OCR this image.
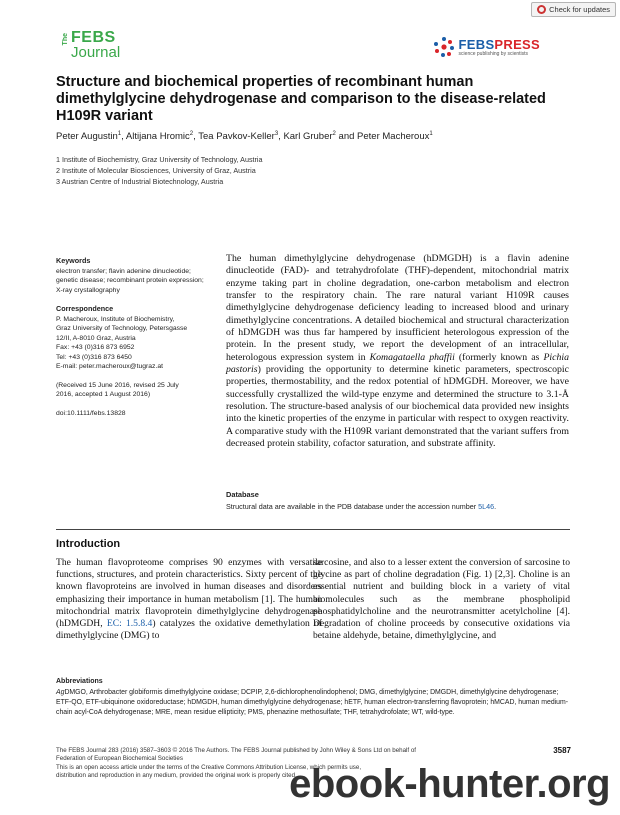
Check for updates
The FEBS
Journal	FEBSPRESS
science publishing by scientists
Structure and biochemical properties of recombinant human dimethylglycine dehydrogenase and comparison to the disease-related H109R variant
Peter Augustin$^1$, Altijana Hromic$^2$, Tea Pavkov-Keller$^3$, Karl Gruber$^2$ and Peter Macheroux$^1$
1 Institute of Biochemistry, Graz University of Technology, Austria
2 Institute of Molecular Biosciences, University of Graz, Austria
3 Austrian Centre of Industrial Biotechnology, Austria
Keywords
electron transfer; flavin adenine dinucleotide; genetic disease; recombinant protein expression; X-ray crystallography
Correspondence
P. Macheroux, Institute of Biochemistry,
Graz University of Technology, Petersgasse
12/II, A-8010 Graz, Austria
Fax: +43 (0)316 873 6952
Tel: +43 (0)316 873 6450
E-mail: peter.macheroux@tugraz.at
(Received 15 June 2016, revised 25 July
2016, accepted 1 August 2016)
doi:10.1111/febs.13828
The human dimethylglycine dehydrogenase (hDMGDH) is a flavin adenine dinucleotide (FAD)- and tetrahydrofolate (THF)-dependent, mitochondrial matrix enzyme taking part in choline degradation, one-carbon metabolism and electron transfer to the respiratory chain. The rare natural variant H109R causes dimethylglycine dehydrogenase deficiency leading to increased blood and urinary dimethylglycine concentrations. A detailed biochemical and structural characterization of hDMGDH was thus far hampered by insufficient heterologous expression of the protein. In the present study, we report the development of an intracellular, heterologous expression system in Komagataella phaffii (formerly known as Pichia pastoris) providing the opportunity to determine kinetic parameters, spectroscopic properties, thermostability, and the redox potential of hDMGDH. Moreover, we have successfully crystallized the wild-type enzyme and determined the structure to 3.1-Å resolution. The structure-based analysis of our biochemical data provided new insights into the kinetic properties of the enzyme in particular with respect to oxygen reactivity. A comparative study with the H109R variant demonstrated that the variant suffers from decreased protein stability, cofactor saturation, and substrate affinity.
Database
Structural data are available in the PDB database under the accession number 5L46.
Introduction
The human flavoproteome comprises 90 enzymes with versatile functions, structures, and protein characteristics. Sixty percent of the known flavoproteins are involved in human diseases and disorders emphasizing their importance in human metabolism [1]. The human mitochondrial matrix flavoprotein dimethylglycine dehydrogenase (hDMGDH, EC: 1.5.8.4) catalyzes the oxidative demethylation of dimethylglycine (DMG) to
sarcosine, and also to a lesser extent the conversion of sarcosine to glycine as part of choline degradation (Fig. 1) [2,3]. Choline is an essential nutrient and building block in a variety of vital biomolecules such as the membrane phospholipid phosphatidylcholine and the neurotransmitter acetylcholine [4]. Degradation of choline proceeds by consecutive oxidations via betaine aldehyde, betaine, dimethylglycine, and
Abbreviations
AgDMGO, Arthrobacter globiformis dimethylglycine oxidase; DCPIP, 2,6-dichlorophenolindophenol; DMG, dimethylglycine; DMGDH, dimethylglycine dehydrogenase; ETF-QO, ETF-ubiquinone oxidoreductase; hDMGDH, human dimethylglycine dehydrogenase; hETF, human electron-transferring flavoprotein; hMCAD, human medium-chain acyl-CoA dehydrogenase; MRE, mean residue ellipticity; PMS, phenazine methosulfate; THF, tetrahydrofolate; WT, wild-type.
The FEBS Journal 283 (2016) 3587–3603 © 2016 The Authors. The FEBS Journal published by John Wiley & Sons Ltd on behalf of
Federation of European Biochemical Societies
This is an open access article under the terms of the Creative Commons Attribution License, which permits use,
distribution and reproduction in any medium, provided the original work is properly cited.
3587
ebook-hunter.org
